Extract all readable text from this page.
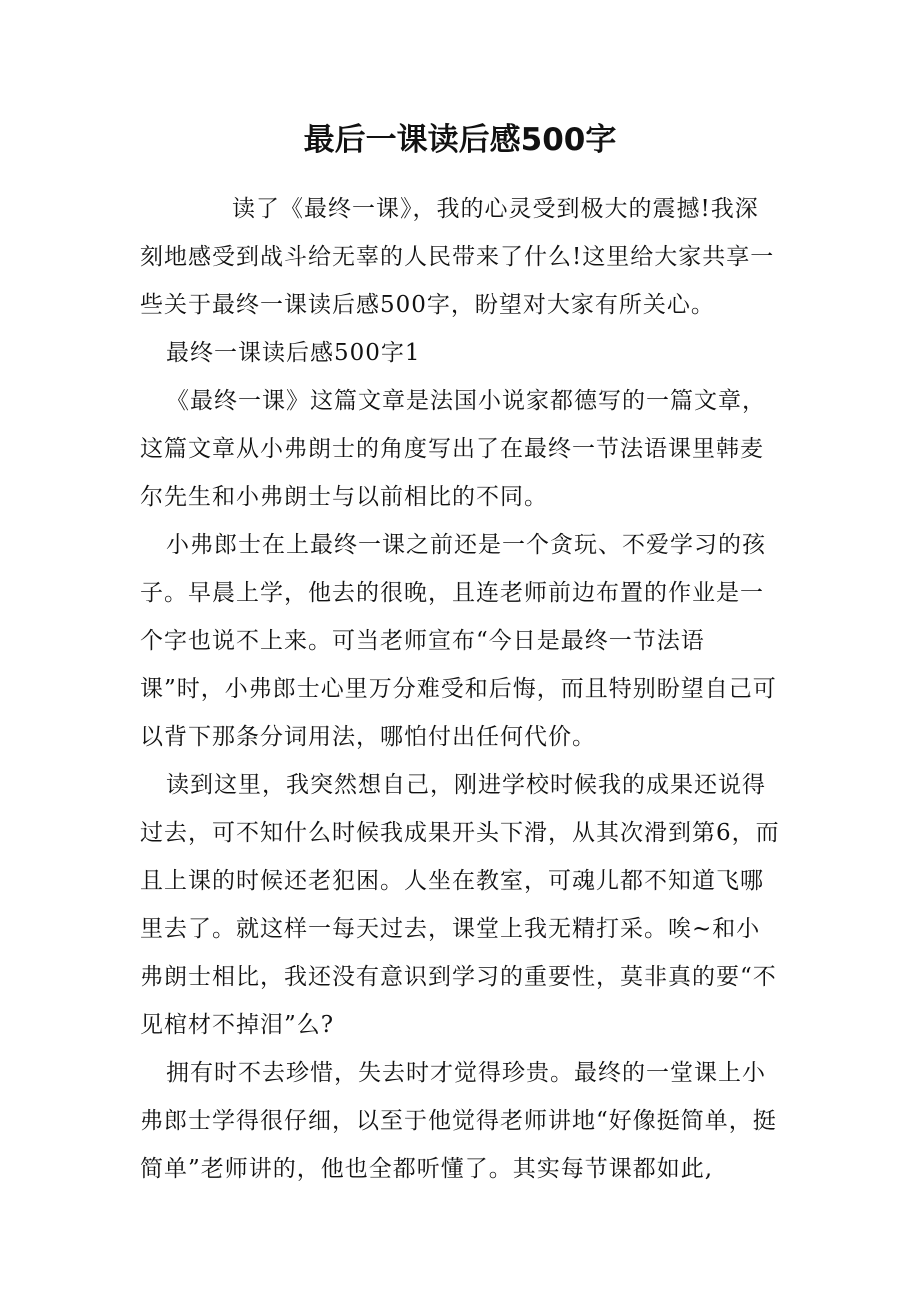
最后一课读后感500字

读了《最终一课》，我的心灵受到极大的震撼!我深刻地感受到战斗给无辜的人民带来了什么!这里给大家共享一些关于最终一课读后感500字，盼望对大家有所关心。

最终一课读后感500字1

《最终一课》这篇文章是法国小说家都德写的一篇文章，这篇文章从小弗朗士的角度写出了在最终一节法语课里韩麦尔先生和小弗朗士与以前相比的不同。

小弗郎士在上最终一课之前还是一个贪玩、不爱学习的孩子。早晨上学，他去的很晚，且连老师前边布置的作业是一个字也说不上来。可当老师宣布“今日是最终一节法语课”时，小弗郎士心里万分难受和后悔，而且特别盼望自己可以背下那条分词用法，哪怕付出任何代价。

读到这里，我突然想自己，刚进学校时候我的成果还说得过去，可不知什么时候我成果开头下滑，从其次滑到第6，而且上课的时候还老犯困。人坐在教室，可魂儿都不知道飞哪里去了。就这样一每天过去，课堂上我无精打采。唉~和小弗朗士相比，我还没有意识到学习的重要性，莫非真的要“不见棺材不掉泪”么?

拥有时不去珍惜，失去时才觉得珍贵。最终的一堂课上小弗郎士学得很仔细，以至于他觉得老师讲地“好像挺简单，挺简单”老师讲的，他也全都听懂了。其实每节课都如此,
